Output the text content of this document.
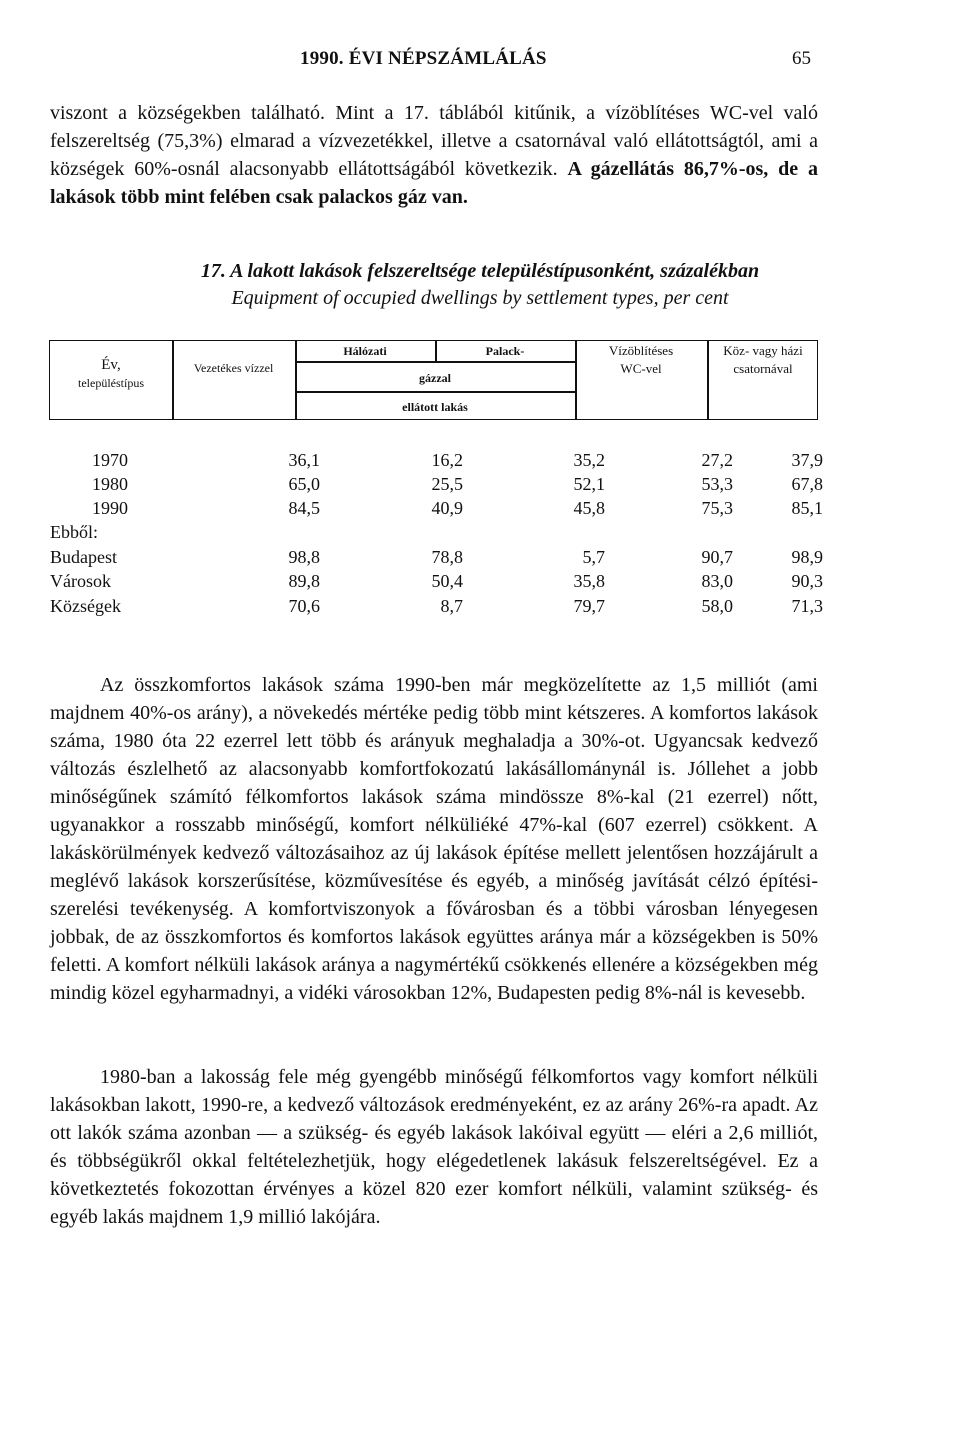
1990. ÉVI NÉPSZÁMLÁLÁS	65

viszont a községekben található. Mint a 17. táblából kitűnik, a vízöblítéses WC-vel való felszereltség (75,3%) elmarad a vízvezetékkel, illetve a csatornával való ellátottságtól, ami a községek 60%-osnál alacsonyabb ellátottságából következik. A gázellátás 86,7%-os, de a lakások több mint felében csak palackos gáz van.

17. A lakott lakások felszereltsége településtípusonként, százalékban
Equipment of occupied dwellings by settlement types, per cent
Év,
településtípus
Vezetékes vízzel
Hálózati	Palack-
gázzal
ellátott lakás
Vízöblítéses
WC-vel
Köz- vagy házi
csatornával
1970	36,1	16,2	35,2	27,2	37,9
1980	65,0	25,5	52,1	53,3	67,8
1990	84,5	40,9	45,8	75,3	85,1
Ebből:
Budapest	98,8	78,8	5,7	90,7	98,9
Városok	89,8	50,4	35,8	83,0	90,3
Községek	70,6	8,7	79,7	58,0	71,3

Az összkomfortos lakások száma 1990-ben már megközelítette az 1,5 milliót (ami majdnem 40%-os arány), a növekedés mértéke pedig több mint kétszeres. A komfortos lakások száma, 1980 óta 22 ezerrel lett több és arányuk meghaladja a 30%-ot. Ugyancsak kedvező változás észlelhető az alacsonyabb komfortfokozatú lakásállománynál is. Jóllehet a jobb minőségűnek számító félkomfortos lakások száma mindössze 8%-kal (21 ezerrel) nőtt, ugyanakkor a rosszabb minőségű, komfort nélküliéké 47%-kal (607 ezerrel) csökkent. A lakáskörülmények kedvező változásaihoz az új lakások építése mellett jelentősen hozzájárult a meglévő lakások korszerűsítése, közművesítése és egyéb, a minőség javítását célzó építési-szerelési tevékenység. A komfortviszonyok a fővárosban és a többi városban lényegesen jobbak, de az összkomfortos és komfortos lakások együttes aránya már a községekben is 50% feletti. A komfort nélküli lakások aránya a nagymértékű csökkenés ellenére a községekben még mindig közel egyharmadnyi, a vidéki városokban 12%, Budapesten pedig 8%-nál is kevesebb.

1980-ban a lakosság fele még gyengébb minőségű félkomfortos vagy komfort nélküli lakásokban lakott, 1990-re, a kedvező változások eredményeként, ez az arány 26%-ra apadt. Az ott lakók száma azonban — a szükség- és egyéb lakások lakóival együtt — eléri a 2,6 milliót, és többségükről okkal feltételezhetjük, hogy elégedetlenek lakásuk felszereltségével. Ez a következtetés fokozottan érvényes a közel 820 ezer komfort nélküli, valamint szükség- és egyéb lakás majdnem 1,9 millió lakójára.
